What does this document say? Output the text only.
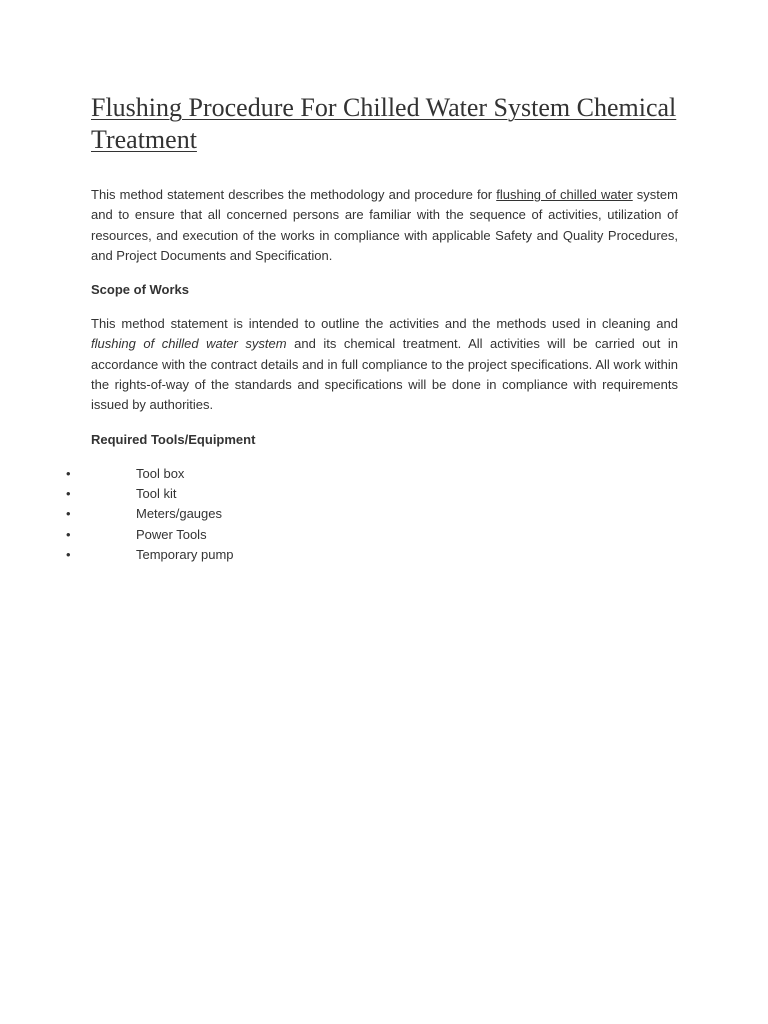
Flushing Procedure For Chilled Water System Chemical Treatment

This method statement describes the methodology and procedure for flushing of chilled water system and to ensure that all concerned persons are familiar with the sequence of activities, utilization of resources, and execution of the works in compliance with applicable Safety and Quality Procedures, and Project Documents and Specification.

Scope of Works

This method statement is intended to outline the activities and the methods used in cleaning and flushing of chilled water system and its chemical treatment. All activities will be carried out in accordance with the contract details and in full compliance to the project specifications. All work within the rights-of-way of the standards and specifications will be done in compliance with requirements issued by authorities.

Required Tools/Equipment

•	Tool box
•	Tool kit
•	Meters/gauges
•	Power Tools
•	Temporary pump
